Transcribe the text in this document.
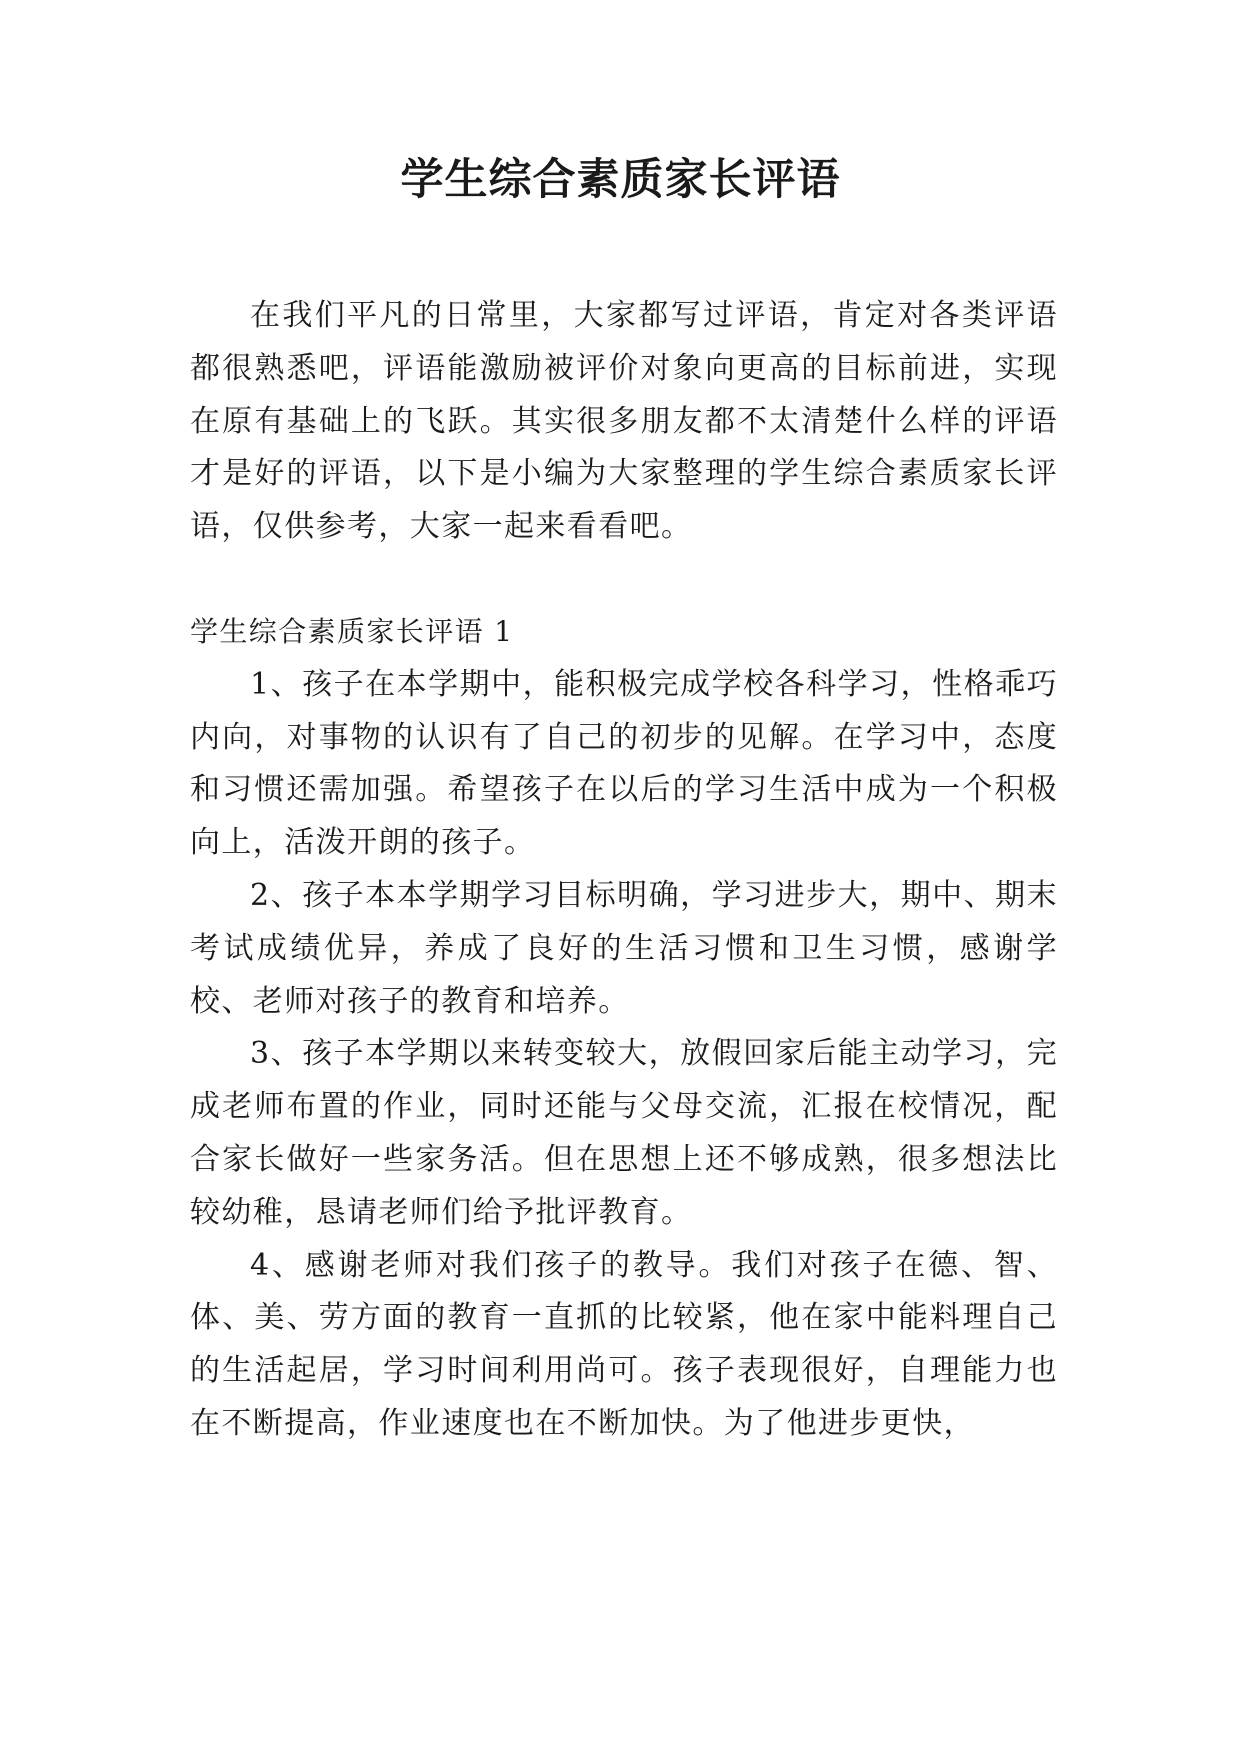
学生综合素质家长评语

在我们平凡的日常里，大家都写过评语，肯定对各类评语都很熟悉吧，评语能激励被评价对象向更高的目标前进，实现在原有基础上的飞跃。其实很多朋友都不太清楚什么样的评语才是好的评语，以下是小编为大家整理的学生综合素质家长评语，仅供参考，大家一起来看看吧。

学生综合素质家长评语 1

1、孩子在本学期中，能积极完成学校各科学习，性格乖巧内向，对事物的认识有了自己的初步的见解。在学习中，态度和习惯还需加强。希望孩子在以后的学习生活中成为一个积极向上，活泼开朗的孩子。

2、孩子本本学期学习目标明确，学习进步大，期中、期末考试成绩优异，养成了良好的生活习惯和卫生习惯，感谢学校、老师对孩子的教育和培养。

3、孩子本学期以来转变较大，放假回家后能主动学习，完成老师布置的作业，同时还能与父母交流，汇报在校情况，配合家长做好一些家务活。但在思想上还不够成熟，很多想法比较幼稚，恳请老师们给予批评教育。

4、感谢老师对我们孩子的教导。我们对孩子在德、智、体、美、劳方面的教育一直抓的比较紧，他在家中能料理自己的生活起居，学习时间利用尚可。孩子表现很好，自理能力也在不断提高，作业速度也在不断加快。为了他进步更快，
